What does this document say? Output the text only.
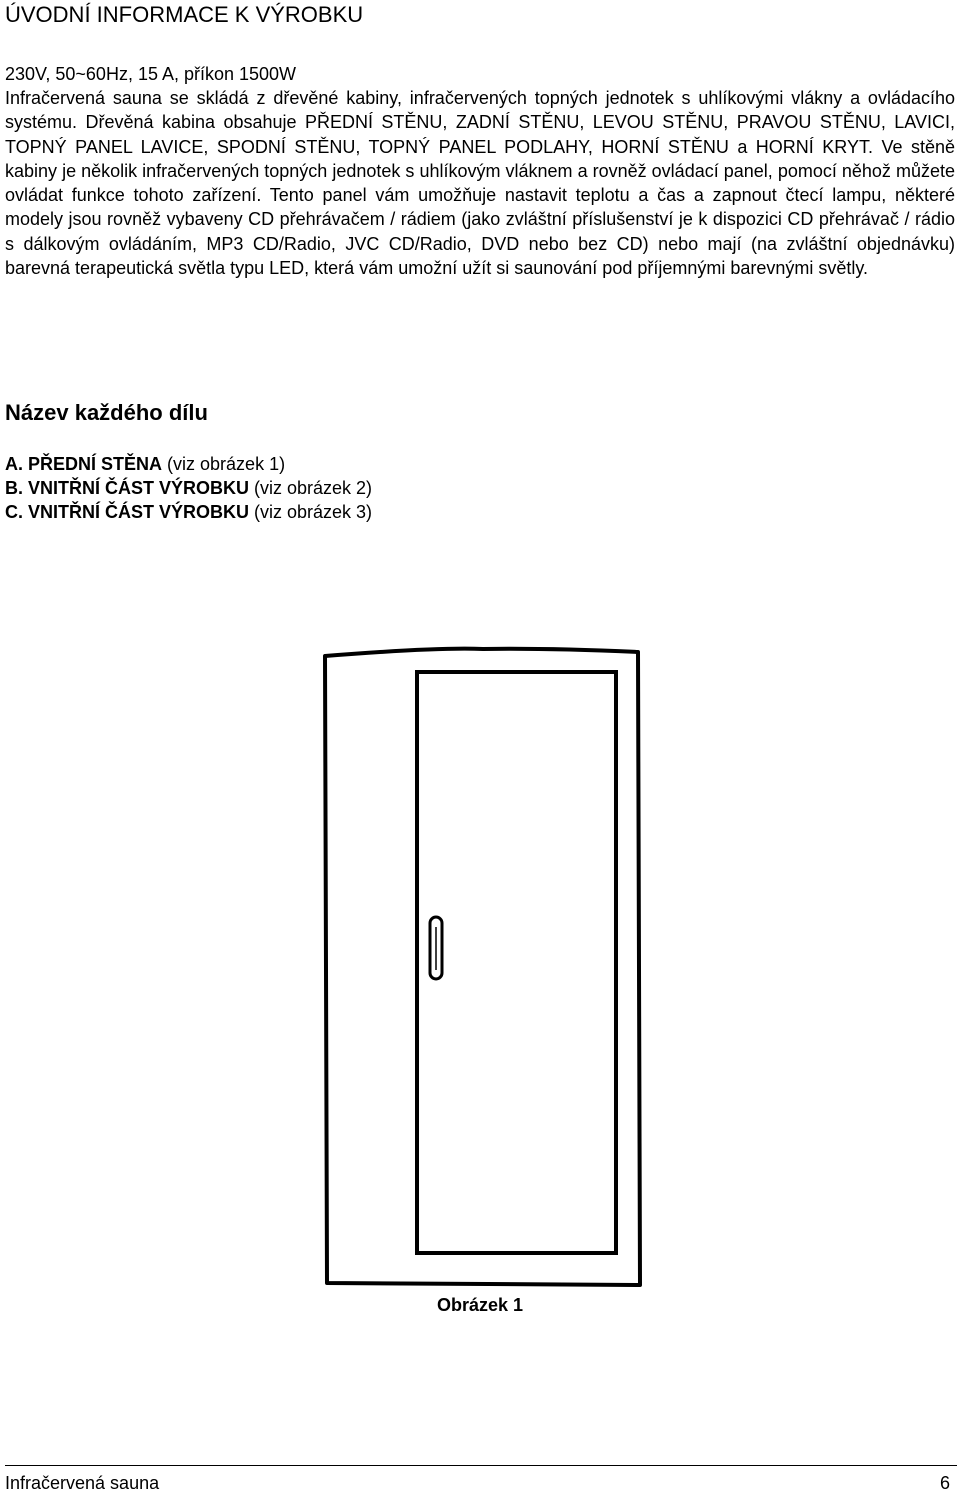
ÚVODNÍ INFORMACE K VÝROBKU

230V, 50~60Hz, 15 A, příkon 1500W

Infračervená sauna se skládá z dřevěné kabiny, infračervených topných jednotek s uhlíkovými vlákny a ovládacího systému. Dřevěná kabina obsahuje PŘEDNÍ STĚNU, ZADNÍ STĚNU, LEVOU STĚNU, PRAVOU STĚNU, LAVICI, TOPNÝ PANEL LAVICE, SPODNÍ STĚNU, TOPNÝ PANEL PODLAHY, HORNÍ STĚNU a HORNÍ KRYT. Ve stěně kabiny je několik infračervených topných jednotek s uhlíkovým vláknem a rovněž ovládací panel, pomocí něhož můžete ovládat funkce tohoto zařízení. Tento panel vám umožňuje nastavit teplotu a čas a zapnout čtecí lampu, některé modely jsou rovněž vybaveny CD přehrávačem / rádiem (jako zvláštní příslušenství je k dispozici CD přehrávač / rádio s dálkovým ovládáním, MP3 CD/Radio, JVC CD/Radio, DVD nebo bez CD) nebo mají (na zvláštní objednávku) barevná terapeutická světla typu LED, která vám umožní užít si saunování pod příjemnými barevnými světly.

Název každého dílu
A. PŘEDNÍ STĚNA (viz obrázek 1)
B. VNITŘNÍ ČÁST VÝROBKU (viz obrázek 2)
C. VNITŘNÍ ČÁST VÝROBKU (viz obrázek 3)
Obrázek 1
Infračervená sauna	6
